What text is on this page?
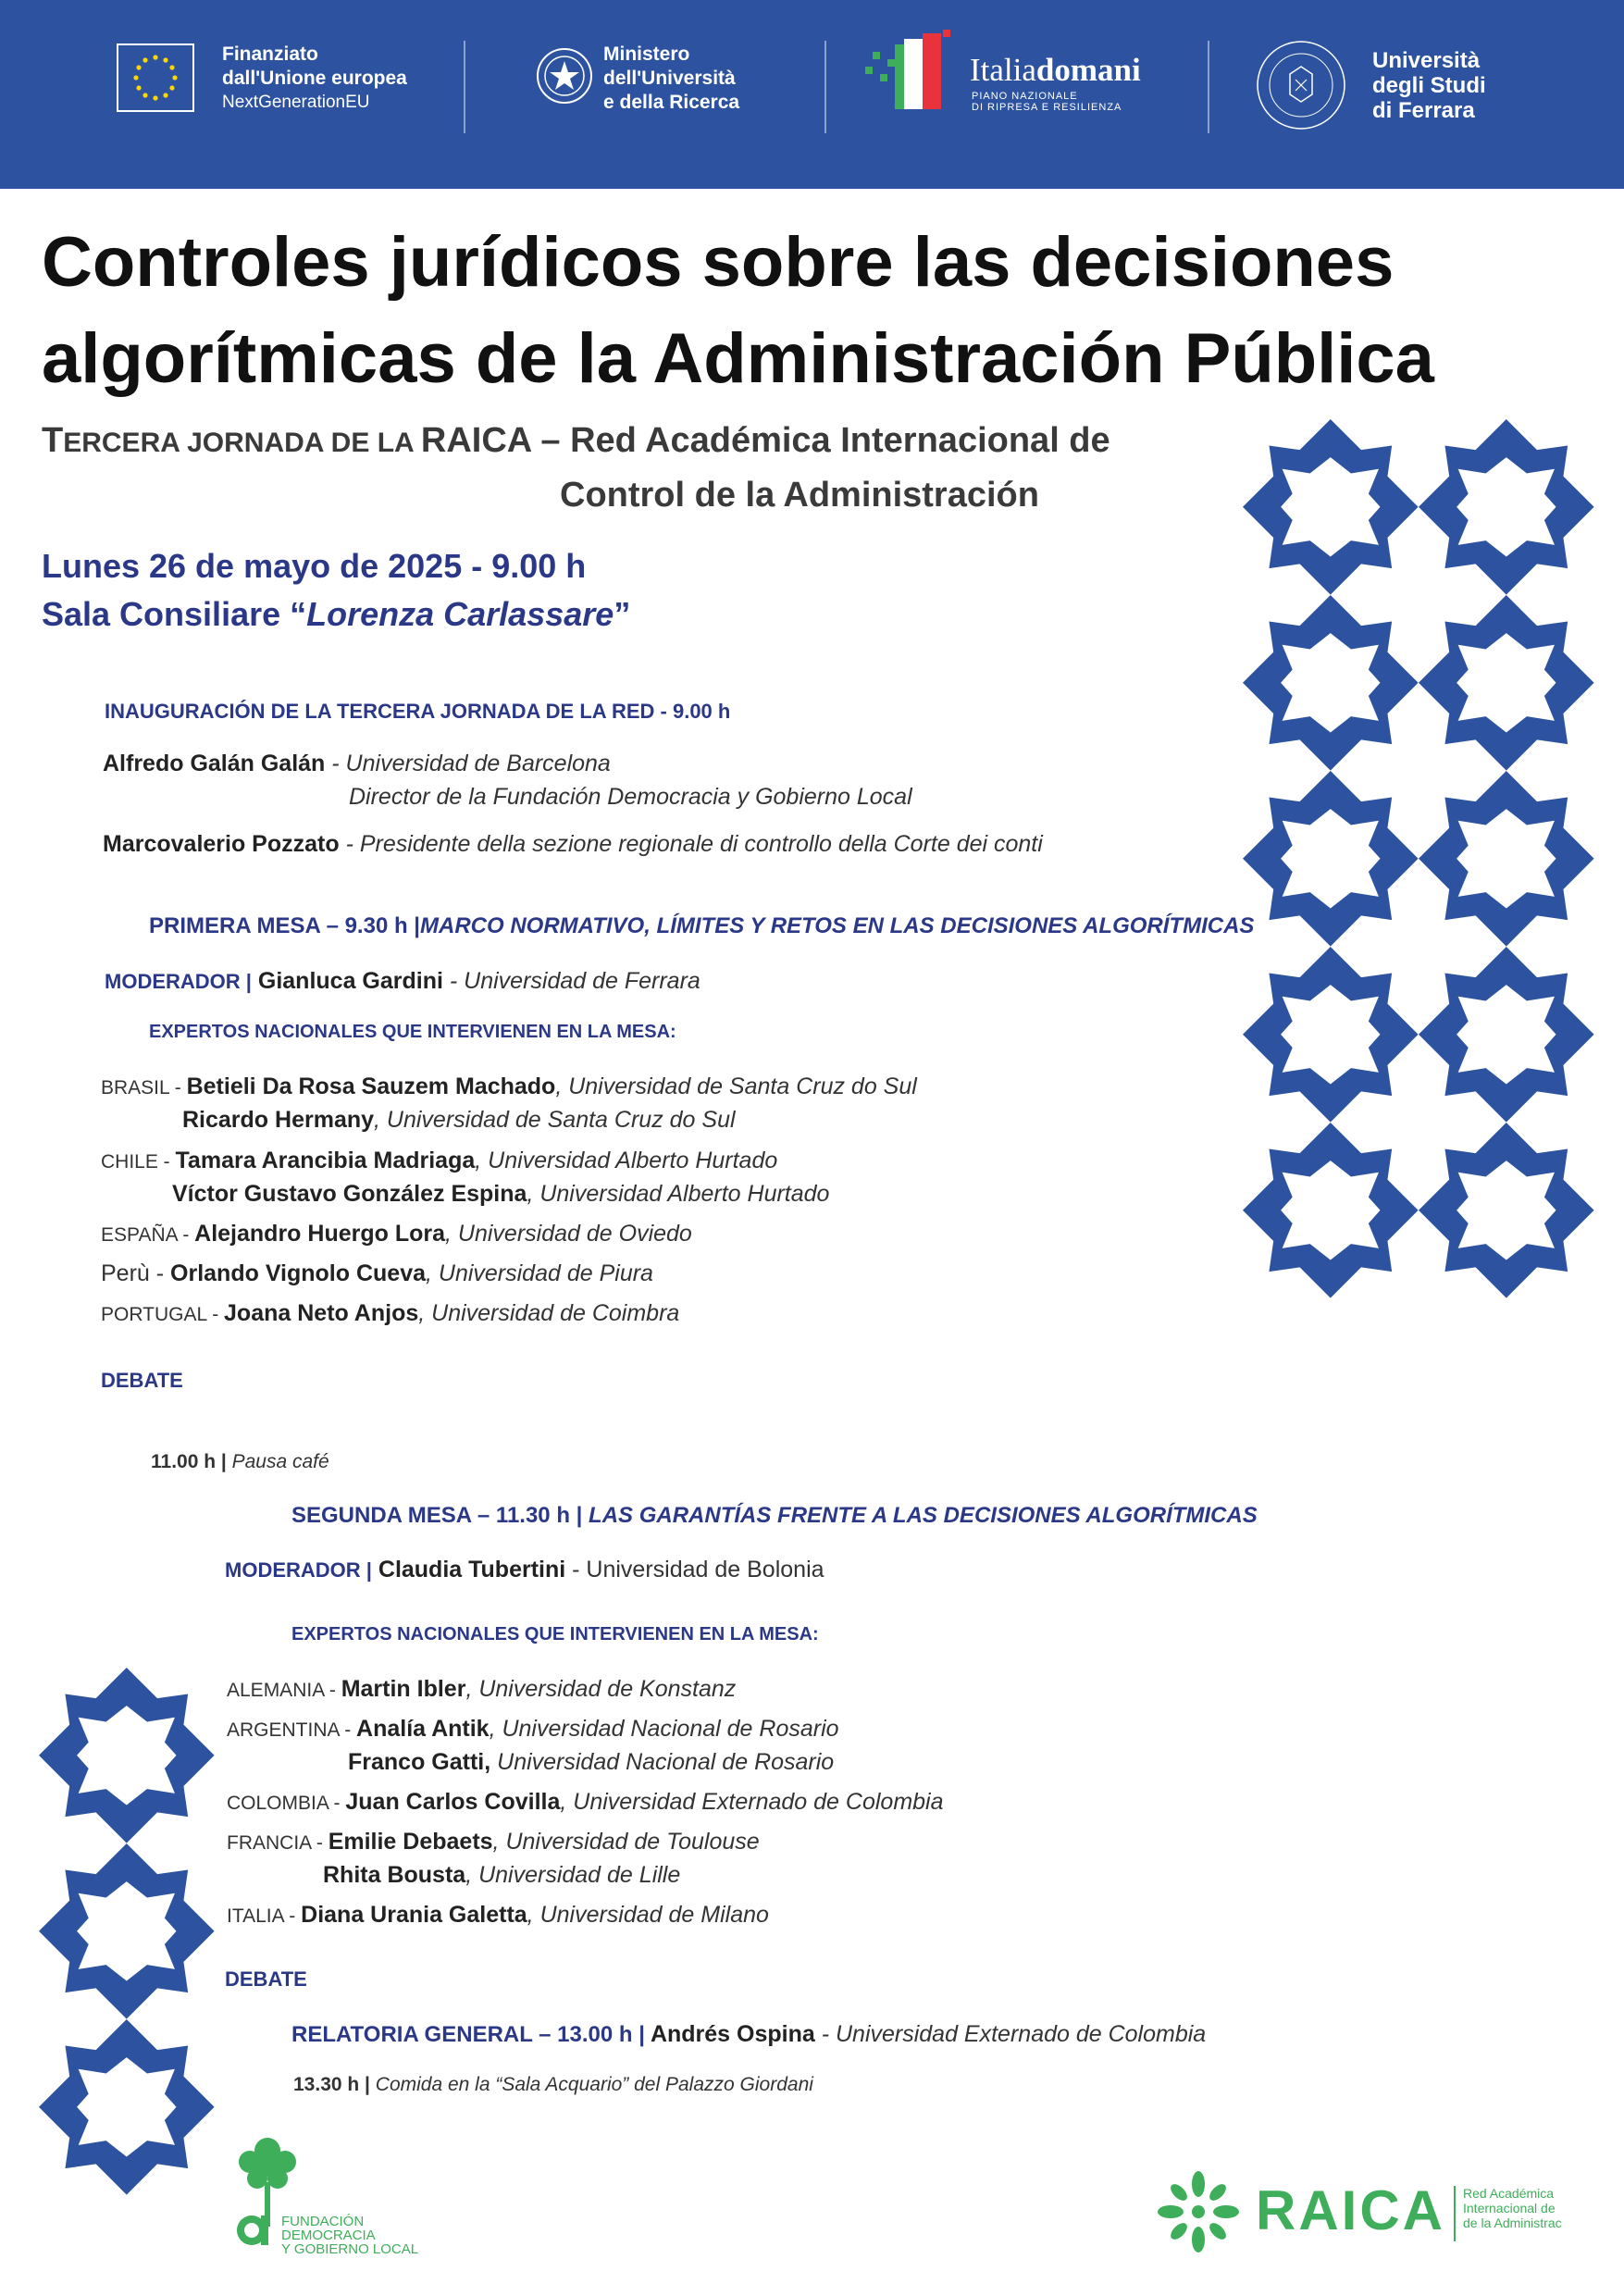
Finanziato
dall'Unione europea
NextGenerationEU
Ministero
dell'Università
e della Ricerca
Italiadomani
PIANO NAZIONALE
DI RIPRESA E RESILIENZA
Università
degli Studi
di Ferrara
Controles jurídicos sobre las decisiones
algorítmicas de la Administración Pública
TERCERA JORNADA DE LA RAICA – Red Académica Internacional de
Control de la Administración
Lunes 26 de mayo de 2025 - 9.00 h
Sala Consiliare “Lorenza Carlassare”
INAUGURACIÓN DE LA TERCERA JORNADA DE LA RED - 9.00 h
Alfredo Galán Galán - Universidad de Barcelona
Director de la Fundación Democracia y Gobierno Local
Marcovalerio Pozzato - Presidente della sezione regionale di controllo della Corte dei conti
PRIMERA MESA – 9.30 h |MARCO NORMATIVO, LÍMITES Y RETOS EN LAS DECISIONES ALGORÍTMICAS
MODERADOR | Gianluca Gardini - Universidad de Ferrara
EXPERTOS NACIONALES QUE INTERVIENEN EN LA MESA:
BRASIL - Betieli Da Rosa Sauzem Machado, Universidad de Santa Cruz do Sul
Ricardo Hermany, Universidad de Santa Cruz do Sul
CHILE - Tamara Arancibia Madriaga, Universidad Alberto Hurtado
Víctor Gustavo González Espina, Universidad Alberto Hurtado
ESPAÑA - Alejandro Huergo Lora, Universidad de Oviedo
Perù - Orlando Vignolo Cueva, Universidad de Piura
PORTUGAL - Joana Neto Anjos, Universidad de Coimbra
DEBATE
11.00 h | Pausa café
SEGUNDA MESA – 11.30 h | LAS GARANTÍAS FRENTE A LAS DECISIONES ALGORÍTMICAS
MODERADOR | Claudia Tubertini - Universidad de Bolonia
EXPERTOS NACIONALES QUE INTERVIENEN EN LA MESA:
ALEMANIA - Martin Ibler, Universidad de Konstanz
ARGENTINA - Analía Antik, Universidad Nacional de Rosario
Franco Gatti, Universidad Nacional de Rosario
COLOMBIA - Juan Carlos Covilla, Universidad Externado de Colombia
FRANCIA - Emilie Debaets, Universidad de Toulouse
Rhita Bousta, Universidad de Lille
ITALIA - Diana Urania Galetta, Universidad de Milano
DEBATE
RELATORIA GENERAL – 13.00 h | Andrés Ospina - Universidad Externado de Colombia
13.30 h | Comida en la “Sala Acquario” del Palazzo Giordani
FUNDACIÓN
DEMOCRACIA
Y GOBIERNO LOCAL
RAICA Red Académica
Internacional de
de la Administrac
